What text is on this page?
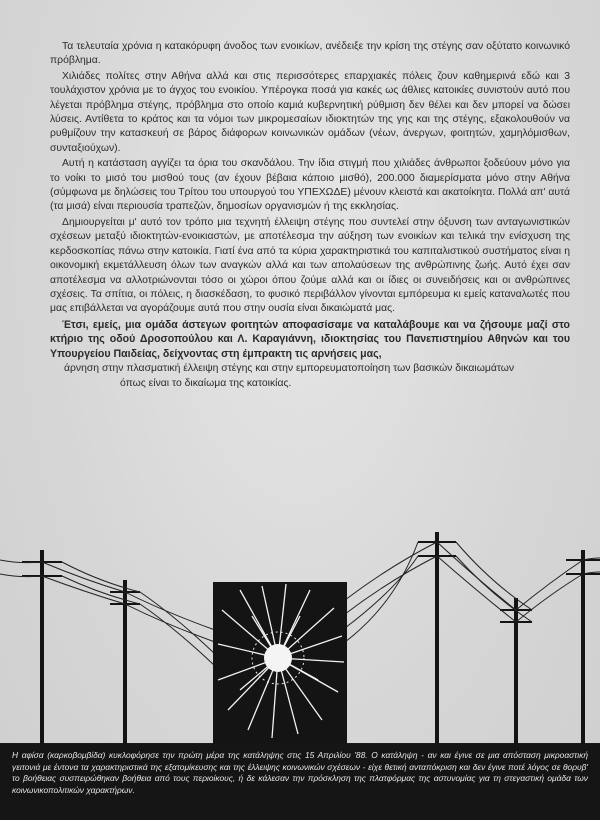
Τα τελευταία χρόνια η κατακόρυφη άνοδος των ενοικίων, ανέδειξε την κρίση της στέγης σαν οξύτατο κοινωνικό πρόβλημα.

Χιλιάδες πολίτες στην Αθήνα αλλά και στις περισσότερες επαρχιακές πόλεις ζουν καθημερινά εδώ και 3 τουλάχιστον χρόνια με το άγχος του ενοικίου. Υπέρογκα ποσά για κακές ως άθλιες κατοικίες συνιστούν αυτό που λέγεται πρόβλημα στέγης, πρόβλημα στο οποίο καμιά κυβερνητική ρύθμιση δεν θέλει και δεν μπορεί να δώσει λύσεις. Αντίθετα το κράτος και τα νόμοι των μικρομεσαίων ιδιοκτητών της γης και της στέγης, εξακολουθούν να ρυθμίζουν την κατασκευή σε βάρος διάφορων κοινωνικών ομάδων (νέων, άνεργων, φοιτητών, χαμηλόμισθων, συνταξιούχων).

Αυτή η κατάσταση αγγίζει τα όρια του σκανδάλου. Την ίδια στιγμή που χιλιάδες άνθρωποι ξοδεύουν μόνο για το νοίκι το μισό του μισθού τους (αν έχουν βέβαια κάποιο μισθό), 200.000 διαμερίσματα μόνο στην Αθήνα (σύμφωνα με δηλώσεις του Τρίτου του υπουργού του ΥΠΕΧΩΔΕ) μένουν κλειστά και ακατοίκητα. Πολλά απ' αυτά (τα μισά) είναι περιουσία τραπεζών, δημοσίων οργανισμών ή της εκκλησίας.

Δημιουργείται μ' αυτό τον τρόπο μια τεχνητή έλλειψη στέγης που συντελεί στην όξυνση των ανταγωνιστικών σχέσεων μεταξύ ιδιοκτητών-ενοικιαστών, με αποτέλεσμα την αύξηση των ενοικίων και τελικά την ενίσχυση της κερδοσκοπίας πάνω στην κατοικία. Γιατί ένα από τα κύρια χαρακτηριστικά του καπιταλιστικού συστήματος είναι η οικονομική εκμετάλλευση όλων των αναγκών αλλά και των απολαύσεων της ανθρώπινης ζωής. Αυτό έχει σαν αποτέλεσμα να αλλοτριώνονται τόσο οι χώροι όπου ζούμε αλλά και οι ίδιες οι συνειδήσεις και οι ανθρώπινες σχέσεις. Τα σπίτια, οι πόλεις, η διασκέδαση, το φυσικό περιβάλλον γίνονται εμπόρευμα κι εμείς καταναλωτές που μας επιβάλλεται να αγοράζουμε αυτά που στην ουσία είναι δικαιώματά μας.

Έτσι, εμείς, μια ομάδα άστεγων φοιτητών αποφασίσαμε να καταλάβουμε και να ζήσουμε μαζί στο κτήριο της οδού Δροσοπούλου και Λ. Καραγιάννη, ιδιοκτησίας του Πανεπιστημίου Αθηνών και του Υπουργείου Παιδείας, δείχνοντας στη έμπρακτη τις αρνήσεις μας,

άρνηση στην πλασματική έλλειψη στέγης και στην εμπορευματοποίηση των βασικών δικαιωμάτων

όπως είναι το δικαίωμα της κατοικίας.

Η αφίσα (καρκοβομβίδα) κυκλοφόρησε την πρώτη μέρα της κατάληψης στις 15 Απριλίου '88. Ο κατάληψη - αν και έγινε σε μια απόσταση μικροαστική γειτονιά με έντονα τα χαρακτηριστικά της εξατομίκευσης και της έλλειψης κοινωνικών σχέσεων - είχε θετική ανταπόκριση και δεν έγινε ποτέ λόγος σε θορυβ' το βοήθειας συσπειρώθηκαν βοήθεια από τους περιοίκους, ή δε κάλεσαν την πρόσκληση της πλατφόρμας της αστυνομίας για τη στεγαστική ομάδα των κοινωνικοπολιτικών χαρακτήρων.
